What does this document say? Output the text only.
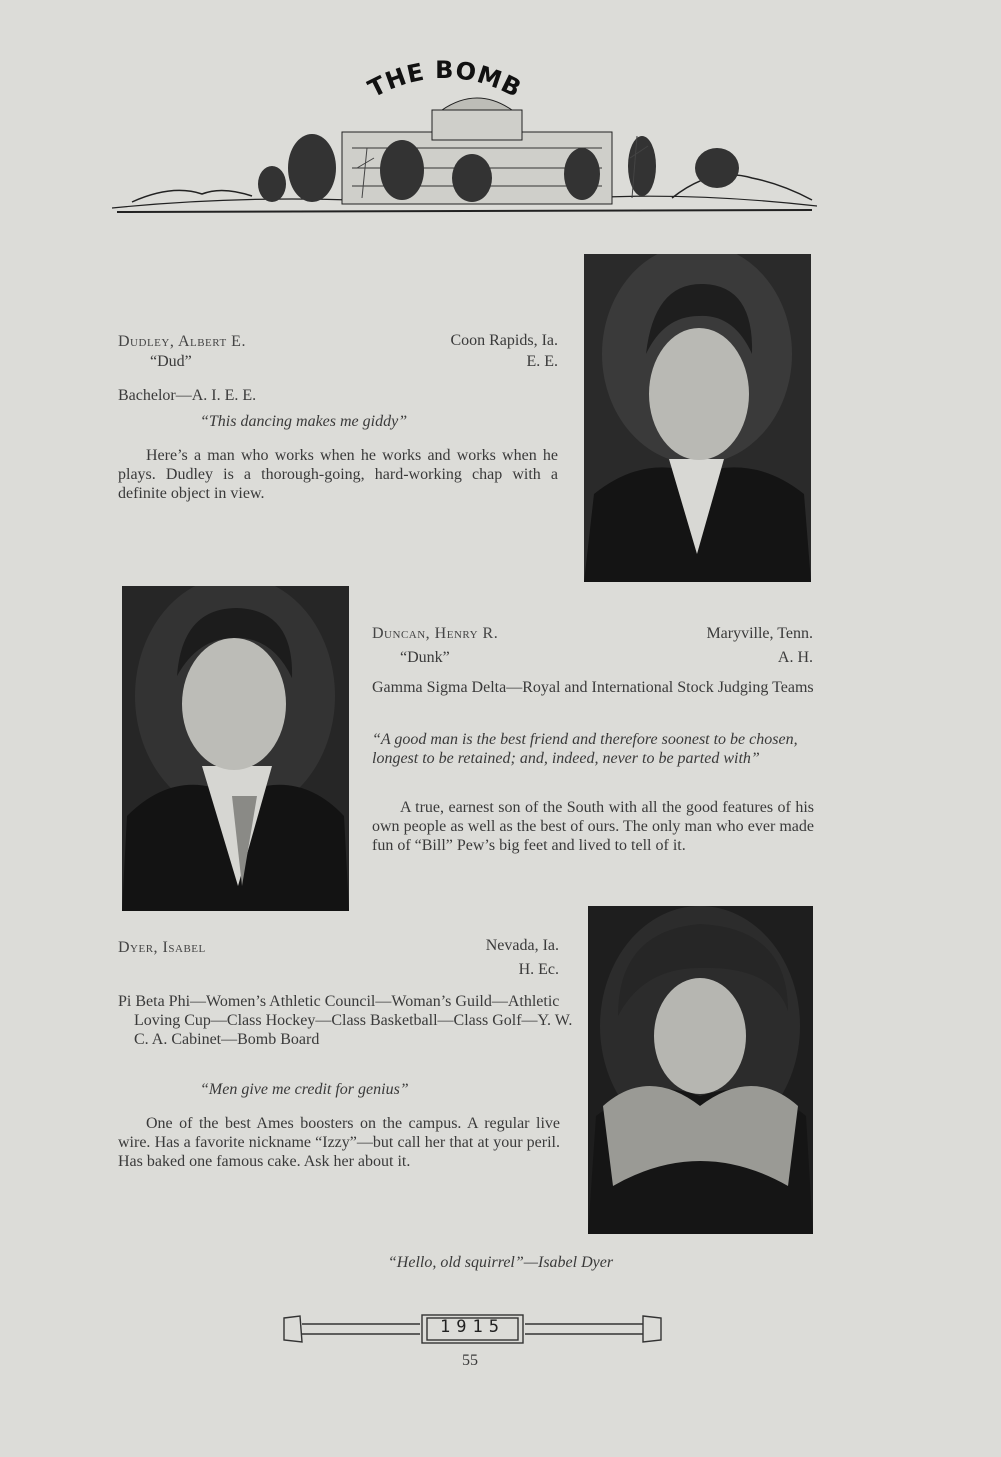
THE BOMB
Dudley, Albert E.	Coon Rapids, Ia.
“Dud”	E. E.
Bachelor—A. I. E. E.
“This dancing makes me giddy”
Here’s a man who works when he works and works when he plays. Dudley is a thorough-going, hard-working chap with a definite object in view.
Duncan, Henry R.	Maryville, Tenn.
“Dunk”	A. H.
Gamma Sigma Delta—Royal and International Stock Judging Teams
“A good man is the best friend and therefore soonest to be chosen, longest to be retained; and, indeed, never to be parted with”
A true, earnest son of the South with all the good features of his own people as well as the best of ours. The only man who ever made fun of “Bill” Pew’s big feet and lived to tell of it.
Dyer, Isabel	Nevada, Ia.
H. Ec.
Pi Beta Phi—Women’s Athletic Council—Woman’s Guild—Athletic Loving Cup—Class Hockey—Class Basketball—Class Golf—Y. W. C. A. Cabinet—Bomb Board
“Men give me credit for genius”
One of the best Ames boosters on the campus. A regular live wire. Has a favorite nickname “Izzy”—but call her that at your peril. Has baked one famous cake. Ask her about it.
“Hello, old squirrel”—Isabel Dyer
1915
55
